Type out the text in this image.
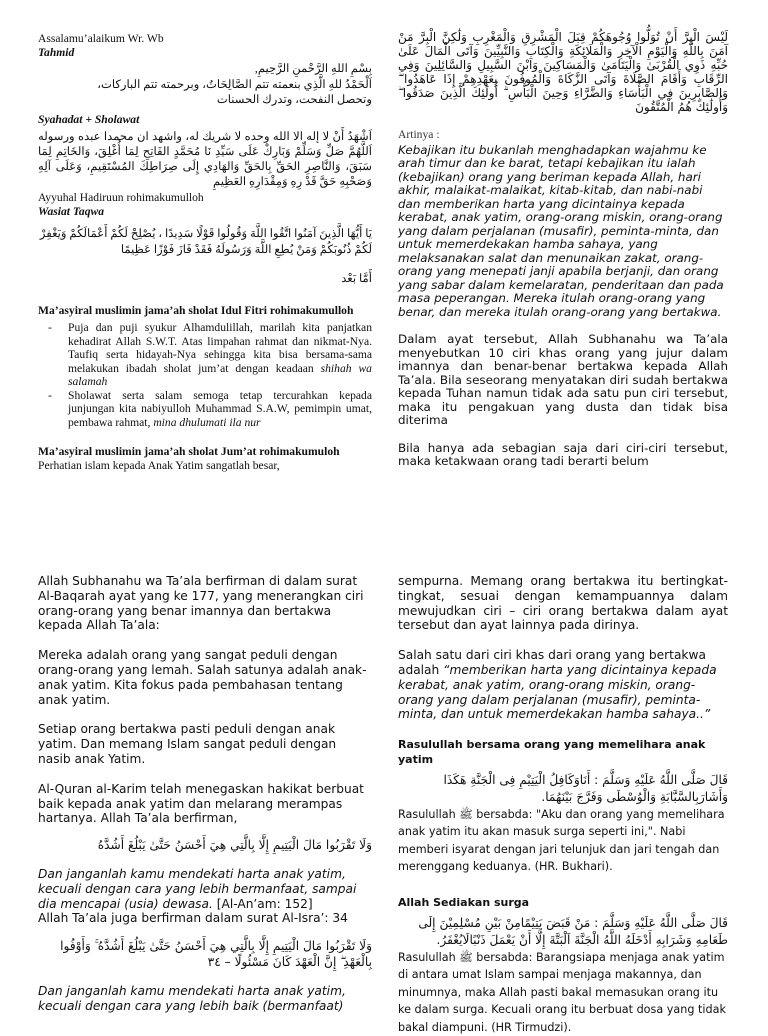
Assalamu’alaikum Wr. Wb

Tahmid

بِسْمِ اللهِ الرَّحْمنِ الرَّحِيمِ,

اَلْحَمْدُ للهِ الَّذِي بنعمته تتم الصَّالِحَاتُ، وبرحمته تتم الباركات،

وتحصل النفحت، وتدرك الحسنات

Syahadat + Sholawat

اَشْهَدُ أَنْ لا إله الا الله وحده لا شريك له، واشهد ان محمدا عبده ورسوله اَللَّهُمَّ صَلِّ وَسَلِّمْ وَبَارِكْ عَلَى سَيِّدِ نَا مُحَمَّدٍ الفَاتِحِ لِمَا أُغْلِقَ، وَالخَاتِمِ لِمَا سَبَقَ، وَالنَّاصِرِ الحَقِّ بِالحَقِّ وَالهَادِي إِلَى صِرَاطِكَ المُسْتَقِيمِ، وَعَلَى آلِهِ وَصَحْبِهِ حَقَّ قَدْ رِهِ وَمِقْدَارِهِ العَظِيمِ

Ayyuhal Hadiruun rohimakumulloh

Wasiat Taqwa

يَا أَيُّهَا الَّذِينَ آمَنُوا اتَّقُوا اللَّهَ وَقُولُوا قَوْلًا سَدِيدًا ، يُصْلِحْ لَكُمْ أَعْمَالَكُمْ وَيَغْفِرْ لَكُمْ ذُنُوبَكُمْ وَمَنْ يُطِعِ اللَّهَ وَرَسُولَهُ فَقَدْ فَازَ فَوْزًا عَظِيمًا

أَمَّا بَعْد

Ma’asyiral muslimin jama’ah sholat Idul Fitri rohimakumulloh

- Puja dan puji syukur Alhamdulillah, marilah kita panjatkan kehadirat Allah S.W.T. Atas limpahan rahmat dan nikmat-Nya. Taufiq serta hidayah-Nya sehingga kita bisa bersama-sama melakukan ibadah sholat jum’at dengan keadaan shihah wa salamah
- Sholawat serta salam semoga tetap tercurahkan kepada junjungan kita nabiyulloh Muhammad S.A.W, pemimpin umat, pembawa rahmat, mina dhulumati ila nur

Ma’asyiral muslimin jama’ah sholat Jum’at rohimakumuloh

Perhatian islam kepada Anak Yatim sangatlah besar,

لَيْسَ الْبِرَّ أَنْ تُوَلُّوا وُجُوهَكُمْ قِبَلَ الْمَشْرِقِ وَالْمَغْرِبِ وَلَٰكِنَّ الْبِرَّ مَنْ آمَنَ بِاللَّهِ وَالْيَوْمِ الْآخِرِ وَالْمَلَائِكَةِ وَالْكِتَابِ وَالنَّبِيِّينَ وَآتَى الْمَالَ عَلَىٰ حُبِّهِ ذَوِي الْقُرْبَىٰ وَالْيَتَامَىٰ وَالْمَسَاكِينَ وَابْنَ السَّبِيلِ وَالسَّائِلِينَ وَفِي الرِّقَابِ وَأَقَامَ الصَّلَاةَ وَآتَى الزَّكَاةَ وَالْمُوفُونَ بِعَهْدِهِمْ إِذَا عَاهَدُوا ۖ وَالصَّابِرِينَ فِي الْبَأْسَاءِ وَالضَّرَّاءِ وَحِينَ الْبَأْسِ ۗ أُولَٰئِكَ الَّذِينَ صَدَقُوا ۖ وَأُولَٰئِكَ هُمُ الْمُتَّقُونَ

Artinya :

Kebajikan itu bukanlah menghadapkan wajahmu ke arah timur dan ke barat, tetapi kebajikan itu ialah (kebajikan) orang yang beriman kepada Allah, hari akhir, malaikat-malaikat, kitab-kitab, dan nabi-nabi dan memberikan harta yang dicintainya kepada kerabat, anak yatim, orang-orang miskin, orang-orang yang dalam perjalanan (musafir), peminta-minta, dan untuk memerdekakan hamba sahaya, yang melaksanakan salat dan menunaikan zakat, orang-orang yang menepati janji apabila berjanji, dan orang yang sabar dalam kemelaratan, penderitaan dan pada masa peperangan. Mereka itulah orang-orang yang benar, dan mereka itulah orang-orang yang bertakwa.

Dalam ayat tersebut, Allah Subhanahu wa Ta’ala menyebutkan 10 ciri khas orang yang jujur dalam imannya dan benar-benar bertakwa kepada Allah Ta’ala. Bila seseorang menyatakan diri sudah bertakwa kepada Tuhan namun tidak ada satu pun ciri tersebut, maka itu pengakuan yang dusta dan tidak bisa diterima

Bila hanya ada sebagian saja dari ciri-ciri tersebut, maka ketakwaan orang tadi berarti belum

Allah Subhanahu wa Ta’ala berfirman di dalam surat Al-Baqarah ayat yang ke 177, yang menerangkan ciri orang-orang yang benar imannya dan bertakwa kepada Allah Ta’ala:

Mereka adalah orang yang sangat peduli dengan orang-orang yang lemah. Salah satunya adalah anak-anak yatim. Kita fokus pada pembahasan tentang anak yatim.

Setiap orang bertakwa pasti peduli dengan anak yatim. Dan memang Islam sangat peduli dengan nasib anak Yatim.

Al-Quran al-Karim telah menegaskan hakikat berbuat baik kepada anak yatim dan melarang merampas hartanya. Allah Ta’ala berfirman,

وَلَا تَقْرَبُوا مَالَ الْيَتِيمِ إِلَّا بِالَّتِي هِيَ أَحْسَنُ حَتَّىٰ يَبْلُغَ أَشُدَّهُ

Dan janganlah kamu mendekati harta anak yatim, kecuali dengan cara yang lebih bermanfaat, sampai dia mencapai (usia) dewasa. [Al-An’am: 152]

Allah Ta’ala juga berfirman dalam surat Al-Isra’: 34

وَلَا تَقْرَبُوا مَالَ الْيَتِيمِ إِلَّا بِالَّتِي هِيَ أَحْسَنُ حَتَّىٰ يَبْلُغَ أَشُدَّهُ ۚ وَأَوْفُوا بِالْعَهْدِ ۖ إِنَّ الْعَهْدَ كَانَ مَسْئُولًا – ٣٤

Dan janganlah kamu mendekati harta anak yatim, kecuali dengan cara yang lebih baik (bermanfaat)

sempurna. Memang orang bertakwa itu bertingkat-tingkat, sesuai dengan kemampuannya dalam mewujudkan ciri – ciri orang bertakwa dalam ayat tersebut dan ayat lainnya pada dirinya.

Salah satu dari ciri khas dari orang yang bertakwa adalah “memberikan harta yang dicintainya kepada kerabat, anak yatim, orang-orang miskin, orang-orang yang dalam perjalanan (musafir), peminta-minta, dan untuk memerdekakan hamba sahaya..”

Rasulullah bersama orang yang memelihara anak yatim

قَالَ صَلَّى اللَّهُ عَلَيْهِ وَسَلَّمَ : أَنَاوَكَافِلُ الْيَتِيْمِ فِى الْجَنَّةِ هَكَذَا وَأَشَارَبِالسَّبَّابَةِ وَالْوُسْطَى وَفَرَّجَ بَيْنَهُمَا.

Rasulullah ﷺ bersabda: "Aku dan orang yang memelihara anak yatim itu akan masuk surga seperti ini,". Nabi memberi isyarat dengan jari telunjuk dan jari tengah dan merenggang keduanya. (HR. Bukhari).

Allah Sediakan surga

قَالَ صَلَّى اللَّهُ عَلَيْهِ وَسَلَّمَ : مَنْ قَبَضَ يَتِيْمًامِنْ بَيْنِ مُسْلِمِيْنَ إِلَى طَعَامِهِ وَشَرَابِهِ أَدْخَلَهُ اللَّهُ الْجَنَّةَ اَلْبَتَّةَ إِلَّا أَنْ يَعْمَلَ ذَنْبًالَايُغْفَرُ.

Rasulullah ﷺ bersabda: Barangsiapa menjaga anak yatim di antara umat Islam sampai menjaga makannya, dan minumnya, maka Allah pasti bakal memasukan orang itu ke dalam surga. Kecuali orang itu berbuat dosa yang tidak bakal diampuni. (HR Tirmudzi).
